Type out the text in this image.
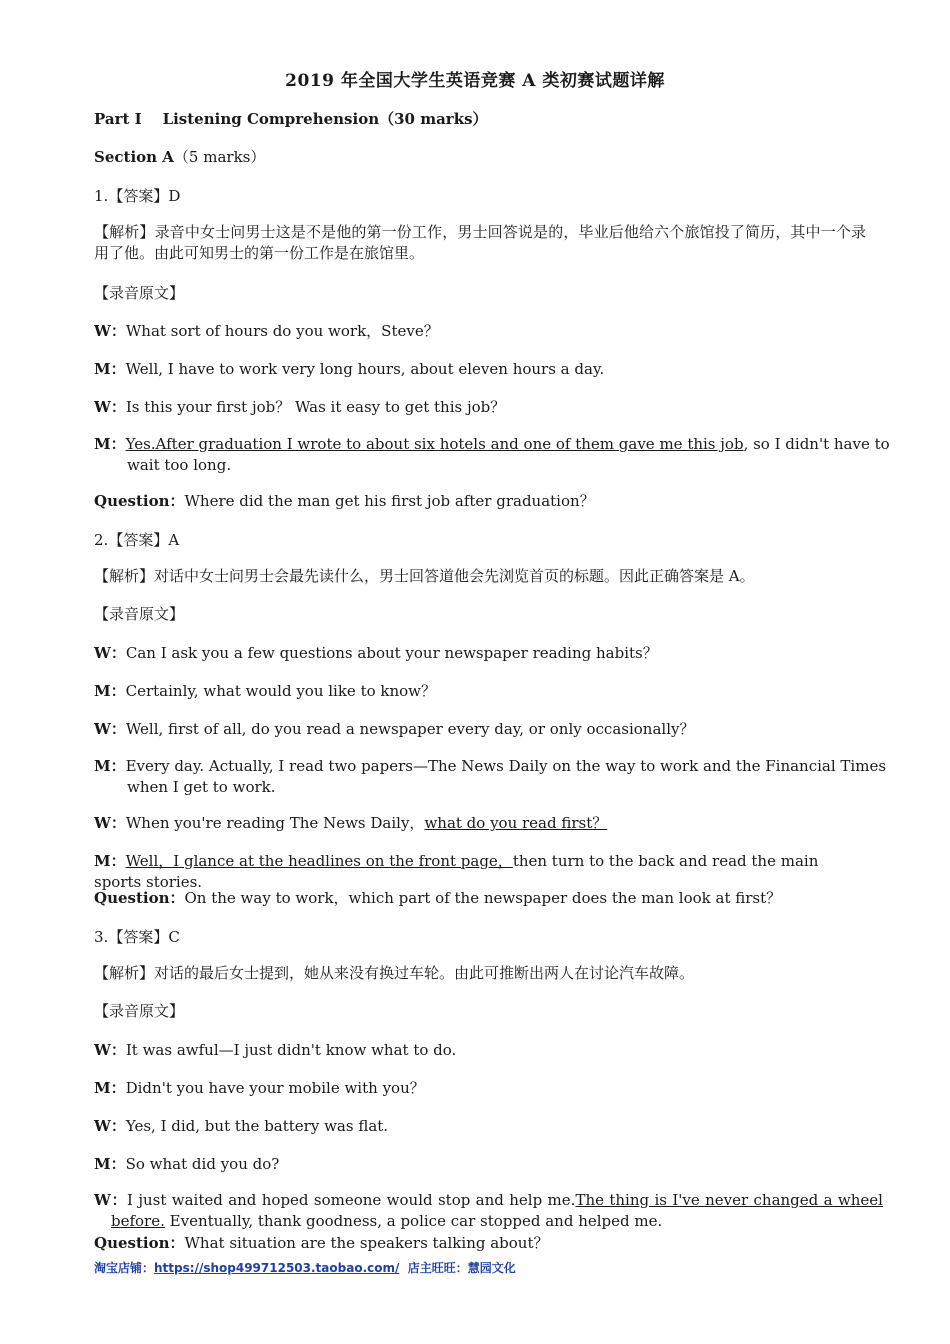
2019 年全国大学生英语竞赛 A 类初赛试题详解
Part I Listening Comprehension（30 marks）
Section A（5 marks）
1.【答案】D
【解析】录音中女士问男士这是不是他的第一份工作，男士回答说是的，毕业后他给六个旅馆投了简历，其中一个录用了他。由此可知男士的第一份工作是在旅馆里。
【录音原文】
W：What sort of hours do you work，Steve？
M：Well, I have to work very long hours, about eleven hours a day.
W：Is this your first job？ Was it easy to get this job？
M：Yes.After graduation I wrote to about six hotels and one of them gave me this job, so I didn't have to wait too long.
Question：Where did the man get his first job after graduation？
2.【答案】A
【解析】对话中女士问男士会最先读什么，男士回答道他会先浏览首页的标题。因此正确答案是 A。
【录音原文】
W：Can I ask you a few questions about your newspaper reading habits？
M：Certainly, what would you like to know？
W：Well, first of all, do you read a newspaper every day, or only occasionally？
M：Every day. Actually, I read two papers—The News Daily on the way to work and the Financial Times when I get to work.
W：When you're reading The News Daily，what do you read first？
M：Well，I glance at the headlines on the front page，then turn to the back and read the main sports stories.
Question：On the way to work，which part of the newspaper does the man look at first？
3.【答案】C
【解析】对话的最后女士提到，她从来没有换过车轮。由此可推断出两人在讨论汽车故障。
【录音原文】
W：It was awful—I just didn't know what to do.
M：Didn't you have your mobile with you？
W：Yes, I did, but the battery was flat.
M：So what did you do?
W：I just waited and hoped someone would stop and help me.The thing is I've never changed a wheel before. Eventually, thank goodness, a police car stopped and helped me.
Question：What situation are the speakers talking about？
淘宝店铺：https://shop499712503.taobao.com/ 店主旺旺：慧园文化
